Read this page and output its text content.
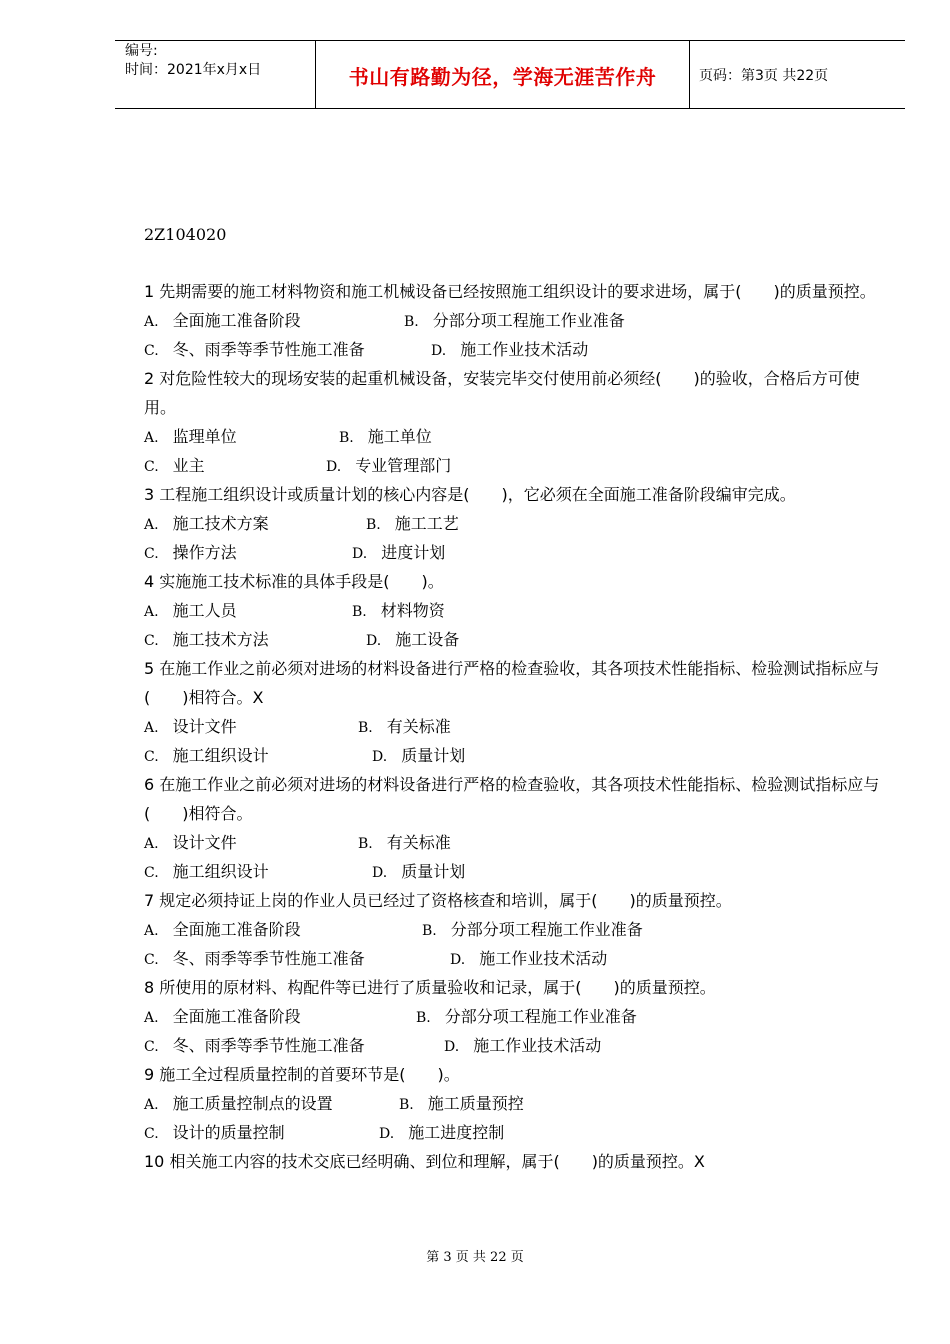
编号:
时间：2021年x月x日	书山有路勤为径，学海无涯苦作舟	页码：第3页 共22页
2Z104020
1 先期需要的施工材料物资和施工机械设备已经按照施工组织设计的要求进场，属于(　　)的质量预控。
A. 全面施工准备阶段	B. 分部分项工程施工作业准备
C. 冬、雨季等季节性施工准备	D. 施工作业技术活动
2 对危险性较大的现场安装的起重机械设备，安装完毕交付使用前必须经(　　)的验收，合格后方可使用。
A. 监理单位	B. 施工单位
C. 业主	D. 专业管理部门
3 工程施工组织设计或质量计划的核心内容是(　　)，它必须在全面施工准备阶段编审完成。
A. 施工技术方案	B. 施工工艺
C. 操作方法	D. 进度计划
4 实施施工技术标准的具体手段是(　　)。
A. 施工人员	B. 材料物资
C. 施工技术方法	D. 施工设备
5 在施工作业之前必须对进场的材料设备进行严格的检查验收，其各项技术性能指标、检验测试指标应与(　　)相符合。X
A. 设计文件	B. 有关标准
C. 施工组织设计	D. 质量计划
6 在施工作业之前必须对进场的材料设备进行严格的检查验收，其各项技术性能指标、检验测试指标应与(　　)相符合。
A. 设计文件	B. 有关标准
C. 施工组织设计	D. 质量计划
7 规定必须持证上岗的作业人员已经过了资格核查和培训，属于(　　)的质量预控。
A. 全面施工准备阶段	B. 分部分项工程施工作业准备
C. 冬、雨季等季节性施工准备	D. 施工作业技术活动
8 所使用的原材料、构配件等已进行了质量验收和记录，属于(　　)的质量预控。
A. 全面施工准备阶段	B. 分部分项工程施工作业准备
C. 冬、雨季等季节性施工准备	D. 施工作业技术活动
9 施工全过程质量控制的首要环节是(　　)。
A. 施工质量控制点的设置	B. 施工质量预控
C. 设计的质量控制	D. 施工进度控制
10 相关施工内容的技术交底已经明确、到位和理解，属于(　　)的质量预控。X
第 3 页 共 22 页
